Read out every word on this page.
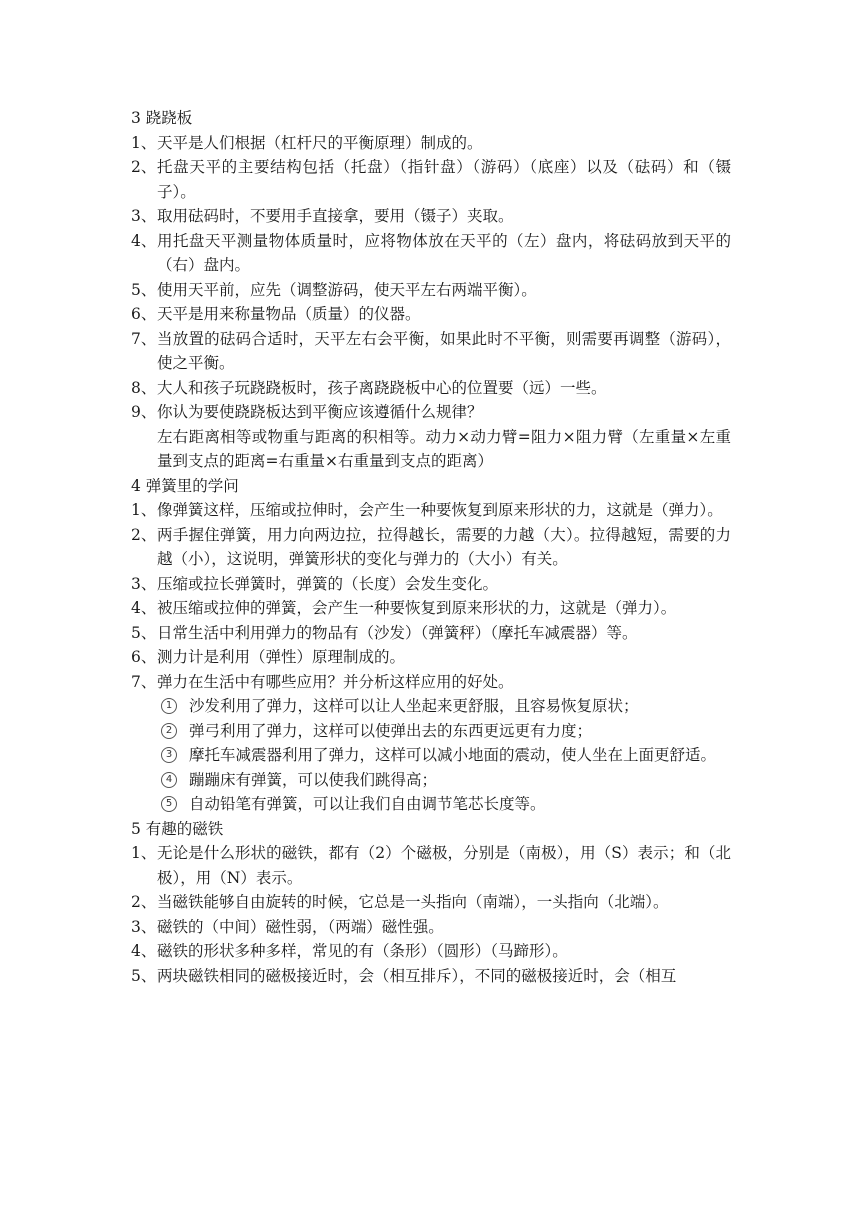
3 跷跷板
1、 天平是人们根据（杠杆尺的平衡原理）制成的。
2、 托盘天平的主要结构包括（托盘）（指针盘）（游码）（底座）以及（砝码）和（镊子）。
3、 取用砝码时，不要用手直接拿，要用（镊子）夹取。
4、 用托盘天平测量物体质量时，应将物体放在天平的（左）盘内，将砝码放到天平的（右）盘内。
5、 使用天平前，应先（调整游码，使天平左右两端平衡）。
6、 天平是用来称量物品（质量）的仪器。
7、 当放置的砝码合适时，天平左右会平衡，如果此时不平衡，则需要再调整（游码），使之平衡。
8、 大人和孩子玩跷跷板时，孩子离跷跷板中心的位置要（远）一些。
9、 你认为要使跷跷板达到平衡应该遵循什么规律？
左右距离相等或物重与距离的积相等。动力×动力臂=阻力×阻力臂（左重量×左重量到支点的距离=右重量×右重量到支点的距离）
4 弹簧里的学问
1、 像弹簧这样，压缩或拉伸时，会产生一种要恢复到原来形状的力，这就是（弹力）。
2、 两手握住弹簧，用力向两边拉，拉得越长，需要的力越（大）。拉得越短，需要的力越（小），这说明，弹簧形状的变化与弹力的（大小）有关。
3、 压缩或拉长弹簧时，弹簧的（长度）会发生变化。
4、 被压缩或拉伸的弹簧，会产生一种要恢复到原来形状的力，这就是（弹力）。
5、 日常生活中利用弹力的物品有（沙发）（弹簧秤）（摩托车减震器）等。
6、 测力计是利用（弹性）原理制成的。
7、 弹力在生活中有哪些应用？并分析这样应用的好处。
1	沙发利用了弹力，这样可以让人坐起来更舒服，且容易恢复原状；
2	弹弓利用了弹力，这样可以使弹出去的东西更远更有力度；
3	摩托车减震器利用了弹力，这样可以减小地面的震动，使人坐在上面更舒适。
4	蹦蹦床有弹簧，可以使我们跳得高；
5	自动铅笔有弹簧，可以让我们自由调节笔芯长度等。
5 有趣的磁铁
1、 无论是什么形状的磁铁，都有（2）个磁极，分别是（南极），用（S）表示；和（北极），用（N）表示。
2、 当磁铁能够自由旋转的时候，它总是一头指向（南端），一头指向（北端）。
3、 磁铁的（中间）磁性弱，（两端）磁性强。
4、 磁铁的形状多种多样，常见的有（条形）（圆形）（马蹄形）。
5、 两块磁铁相同的磁极接近时，会（相互排斥），不同的磁极接近时，会（相互
